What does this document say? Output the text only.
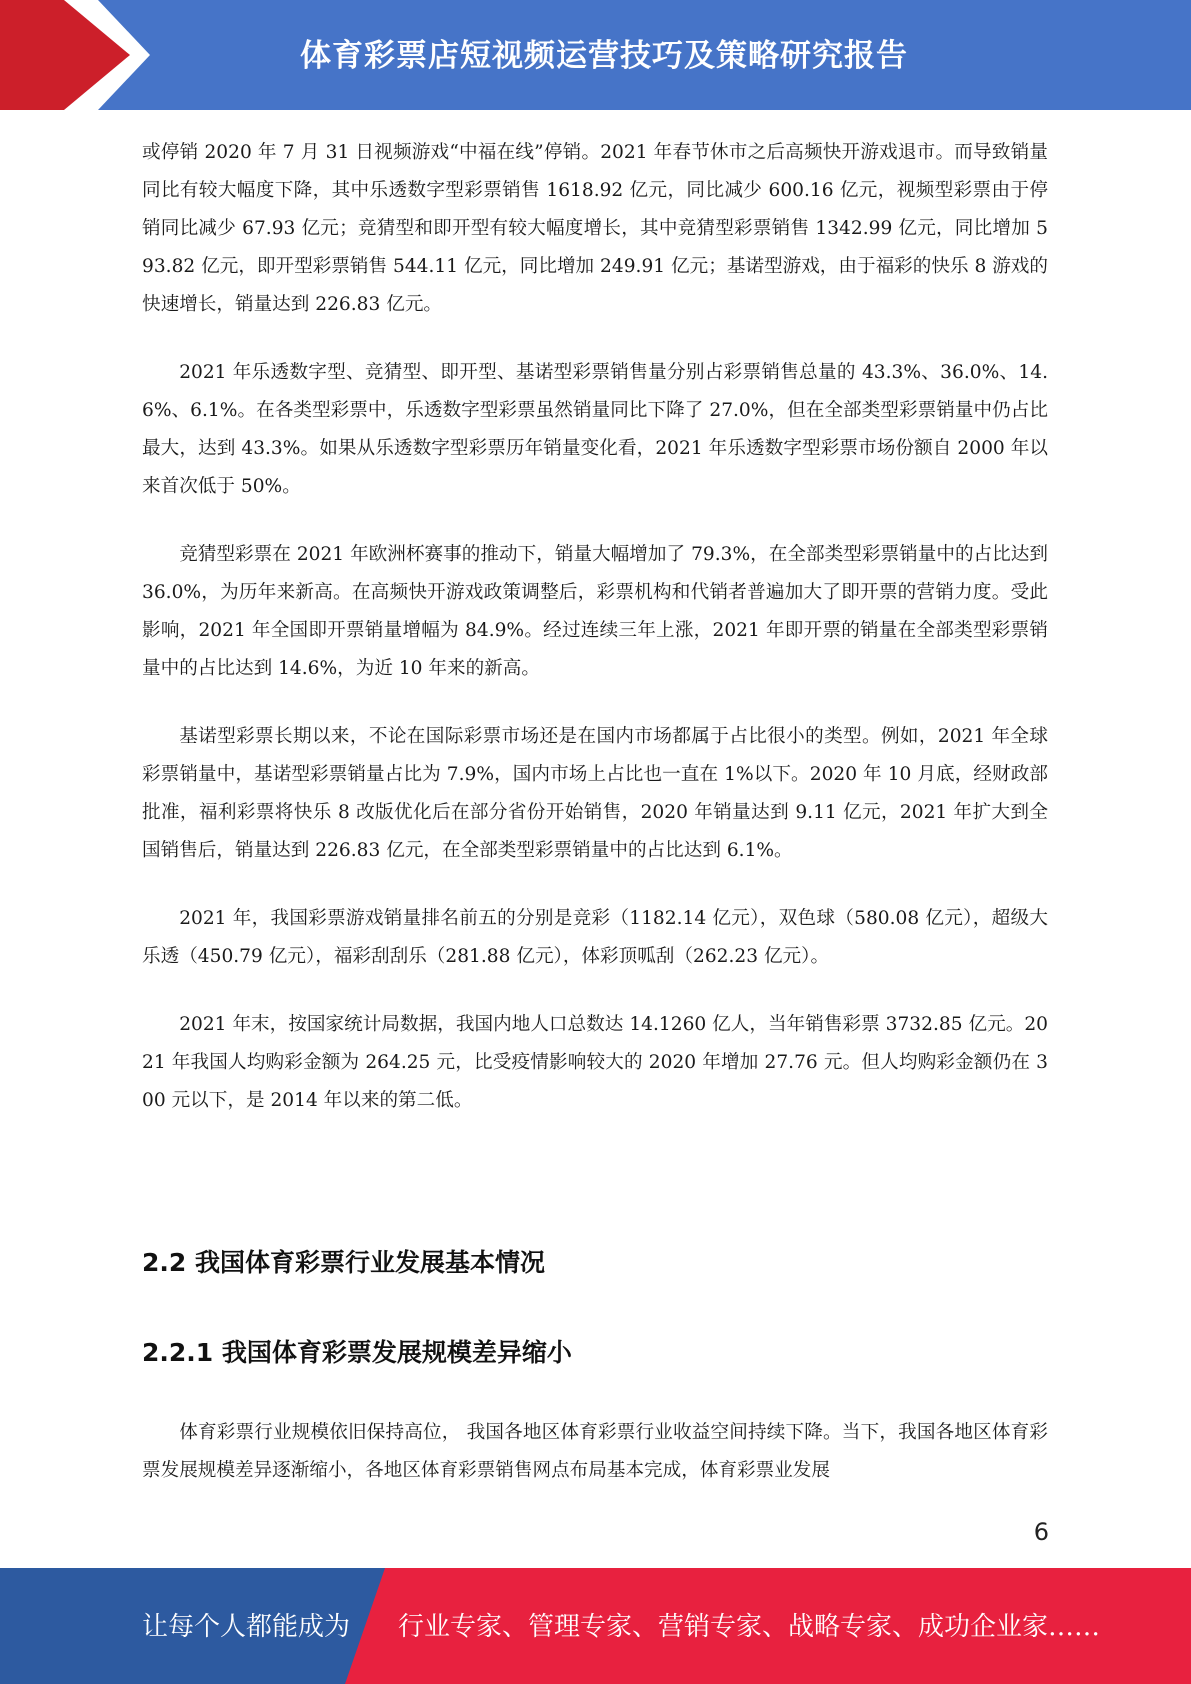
体育彩票店短视频运营技巧及策略研究报告

或停销 2020 年 7 月 31 日视频游戏“中福在线”停销。2021 年春节休市之后高频快开游戏退市。而导致销量同比有较大幅度下降，其中乐透数字型彩票销售 1618.92 亿元，同比减少 600.16 亿元，视频型彩票由于停销同比减少 67.93 亿元；竞猜型和即开型有较大幅度增长，其中竞猜型彩票销售 1342.99 亿元，同比增加 593.82 亿元，即开型彩票销售 544.11 亿元，同比增加 249.91 亿元；基诺型游戏，由于福彩的快乐 8 游戏的快速增长，销量达到 226.83 亿元。

2021 年乐透数字型、竞猜型、即开型、基诺型彩票销售量分别占彩票销售总量的 43.3%、36.0%、14.6%、6.1%。在各类型彩票中，乐透数字型彩票虽然销量同比下降了 27.0%，但在全部类型彩票销量中仍占比最大，达到 43.3%。如果从乐透数字型彩票历年销量变化看，2021 年乐透数字型彩票市场份额自 2000 年以来首次低于 50%。

竞猜型彩票在 2021 年欧洲杯赛事的推动下，销量大幅增加了 79.3%，在全部类型彩票销量中的占比达到 36.0%，为历年来新高。在高频快开游戏政策调整后，彩票机构和代销者普遍加大了即开票的营销力度。受此影响，2021 年全国即开票销量增幅为 84.9%。经过连续三年上涨，2021 年即开票的销量在全部类型彩票销量中的占比达到 14.6%，为近 10 年来的新高。

基诺型彩票长期以来，不论在国际彩票市场还是在国内市场都属于占比很小的类型。例如，2021 年全球彩票销量中，基诺型彩票销量占比为 7.9%，国内市场上占比也一直在 1%以下。2020 年 10 月底，经财政部批准，福利彩票将快乐 8 改版优化后在部分省份开始销售，2020 年销量达到 9.11 亿元，2021 年扩大到全国销售后，销量达到 226.83 亿元，在全部类型彩票销量中的占比达到 6.1%。

2021 年，我国彩票游戏销量排名前五的分别是竞彩（1182.14 亿元），双色球（580.08 亿元），超级大乐透（450.79 亿元），福彩刮刮乐（281.88 亿元），体彩顶呱刮（262.23 亿元）。

2021 年末，按国家统计局数据，我国内地人口总数达 14.1260 亿人，当年销售彩票 3732.85 亿元。2021 年我国人均购彩金额为 264.25 元，比受疫情影响较大的 2020 年增加 27.76 元。但人均购彩金额仍在 300 元以下，是 2014 年以来的第二低。

2.2 我国体育彩票行业发展基本情况
2.2.1 我国体育彩票发展规模差异缩小

体育彩票行业规模依旧保持高位， 我国各地区体育彩票行业收益空间持续下降。当下，我国各地区体育彩票发展规模差异逐渐缩小，各地区体育彩票销售网点布局基本完成，体育彩票业发展

6
让每个人都能成为 行业专家、管理专家、营销专家、战略专家、成功企业家……
